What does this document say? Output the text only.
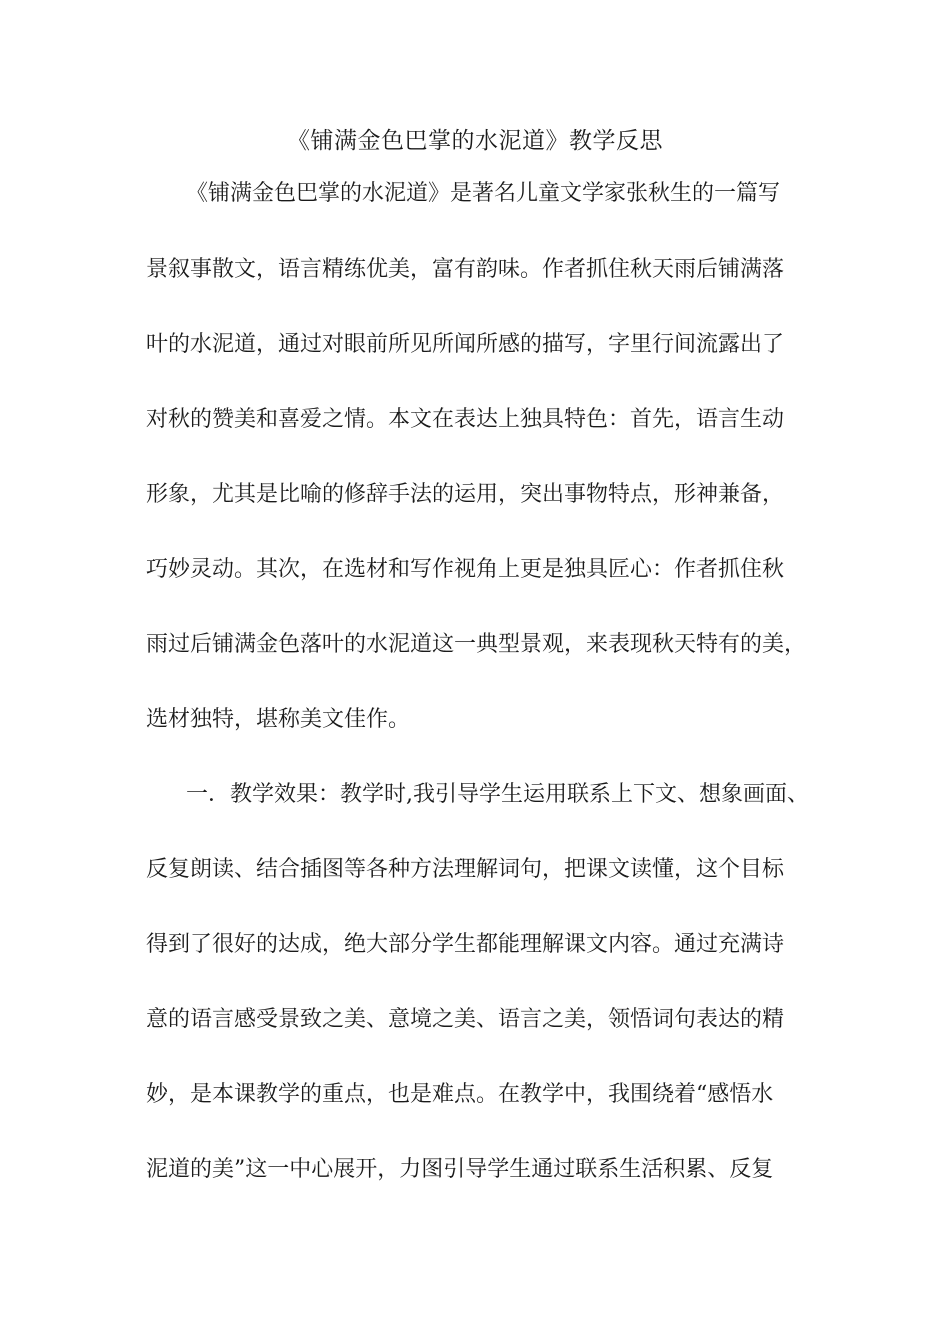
《铺满金色巴掌的水泥道》教学反思
《铺满金色巴掌的水泥道》是著名儿童文学家张秋生的一篇写
景叙事散文，语言精练优美，富有韵味。作者抓住秋天雨后铺满落
叶的水泥道，通过对眼前所见所闻所感的描写，字里行间流露出了
对秋的赞美和喜爱之情。本文在表达上独具特色：首先，语言生动
形象，尤其是比喻的修辞手法的运用，突出事物特点，形神兼备，
巧妙灵动。其次，在选材和写作视角上更是独具匠心：作者抓住秋
雨过后铺满金色落叶的水泥道这一典型景观，来表现秋天特有的美，
选材独特，堪称美文佳作。
一．教学效果：教学时,我引导学生运用联系上下文、想象画面、
反复朗读、结合插图等各种方法理解词句，把课文读懂，这个目标
得到了很好的达成，绝大部分学生都能理解课文内容。通过充满诗
意的语言感受景致之美、意境之美、语言之美，领悟词句表达的精
妙，是本课教学的重点，也是难点。在教学中，我围绕着“感悟水
泥道的美”这一中心展开，力图引导学生通过联系生活积累、反复
